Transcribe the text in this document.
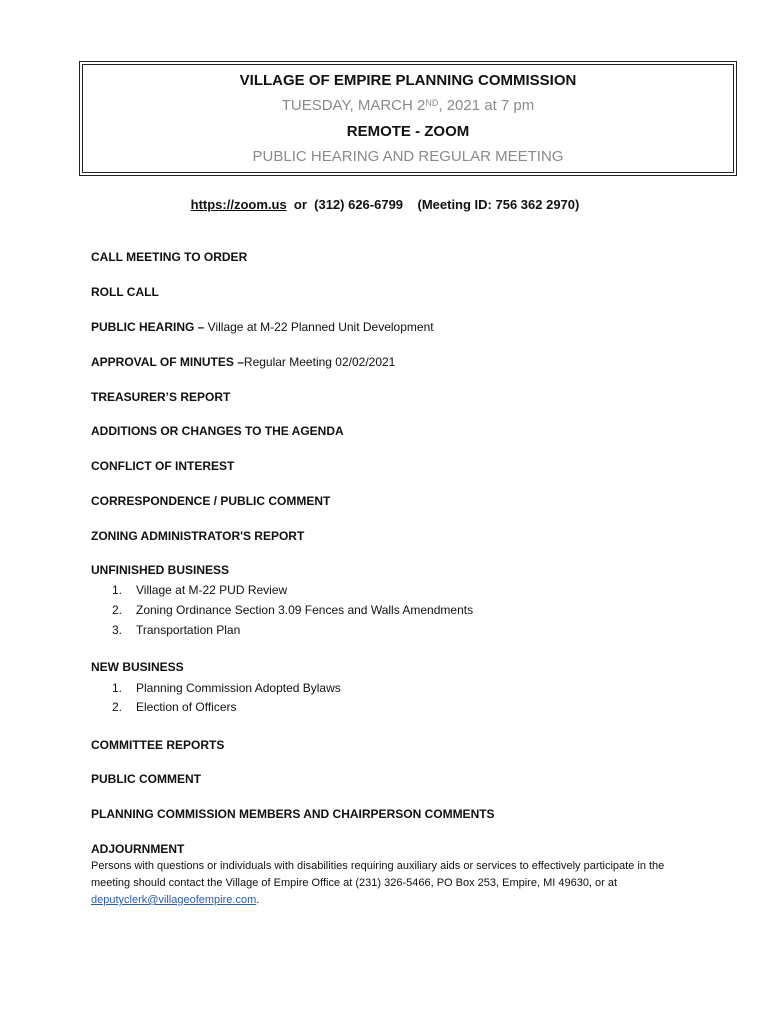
VILLAGE OF EMPIRE PLANNING COMMISSION
TUESDAY, MARCH 2ND, 2021 at 7 pm
REMOTE - ZOOM
PUBLIC HEARING AND REGULAR MEETING
https://zoom.us  or  (312) 626-6799    (Meeting ID: 756 362 2970)
CALL MEETING TO ORDER
ROLL CALL
PUBLIC HEARING – Village at M-22 Planned Unit Development
APPROVAL OF MINUTES –Regular Meeting 02/02/2021
TREASURER’S REPORT
ADDITIONS OR CHANGES TO THE AGENDA
CONFLICT OF INTEREST
CORRESPONDENCE / PUBLIC COMMENT
ZONING ADMINISTRATOR'S REPORT
UNFINISHED BUSINESS
1. Village at M-22 PUD Review
2. Zoning Ordinance Section 3.09 Fences and Walls Amendments
3. Transportation Plan
NEW BUSINESS
1. Planning Commission Adopted Bylaws
2. Election of Officers
COMMITTEE REPORTS
PUBLIC COMMENT
PLANNING COMMISSION MEMBERS AND CHAIRPERSON COMMENTS
ADJOURNMENT
Persons with questions or individuals with disabilities requiring auxiliary aids or services to effectively participate in the meeting should contact the Village of Empire Office at (231) 326-5466, PO Box 253, Empire, MI 49630, or at deputyclerk@villageofempire.com.
